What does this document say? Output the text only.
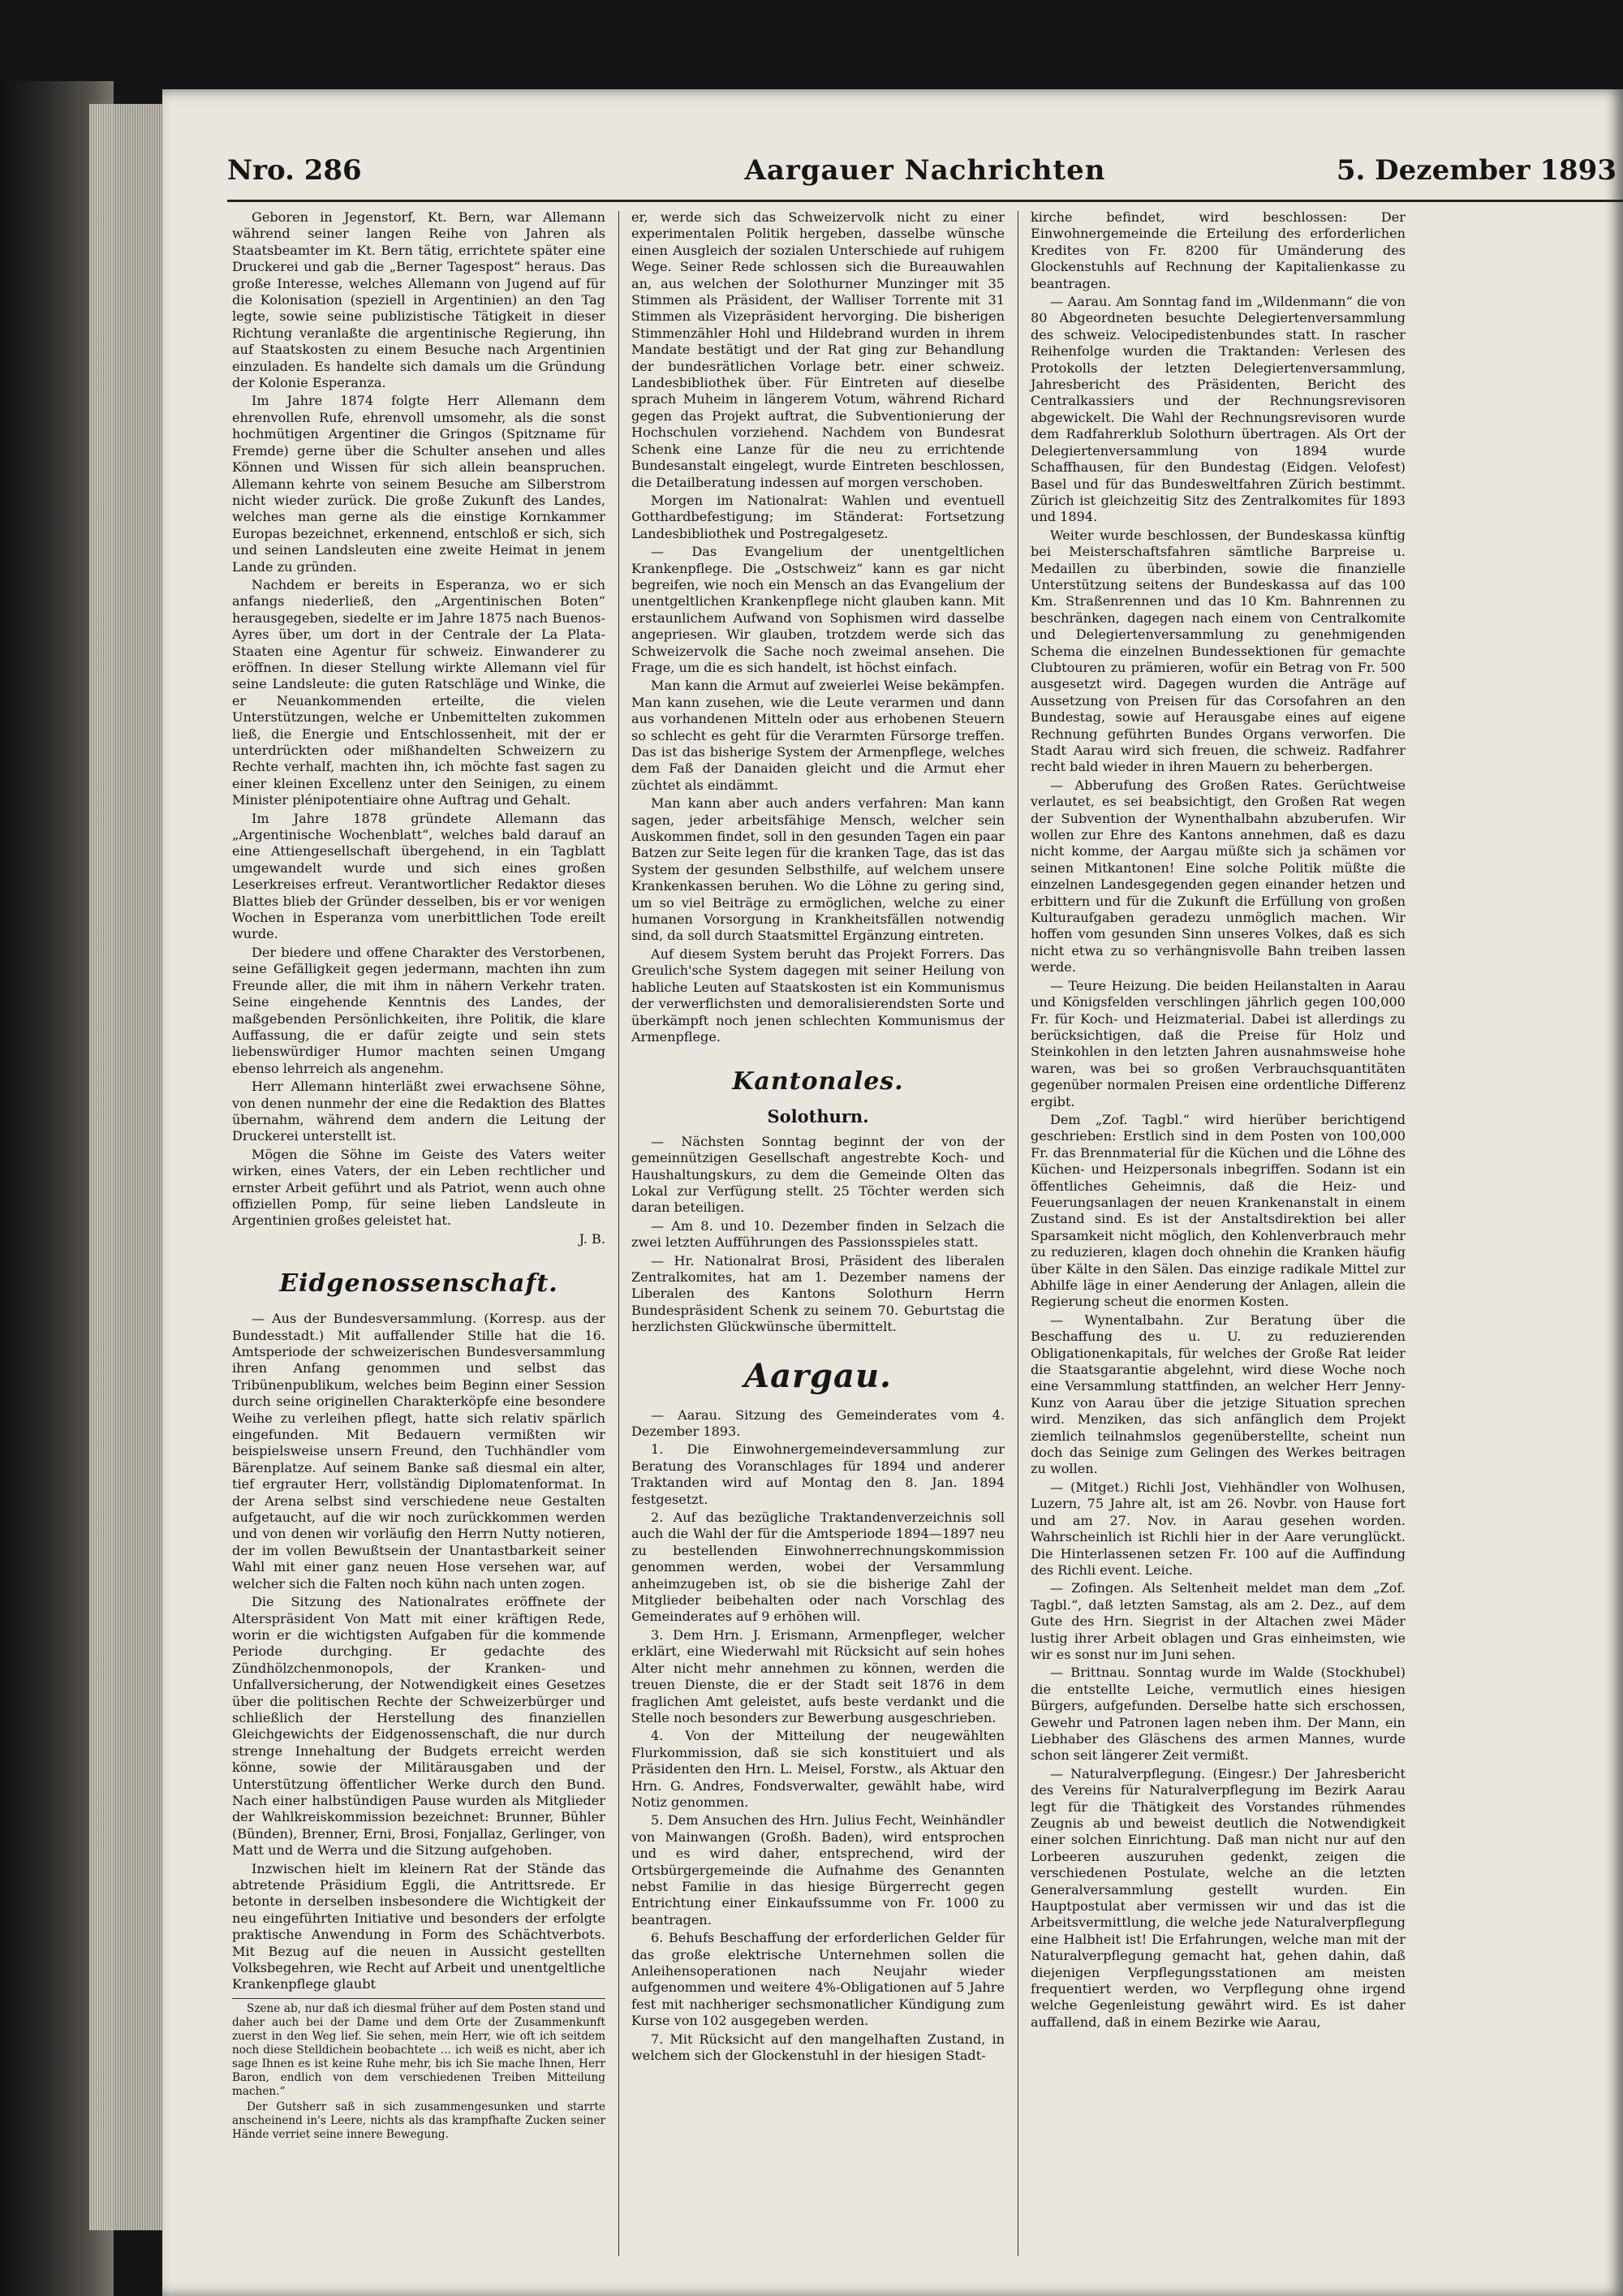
Nro. 286	Aargauer Nachrichten	5. Dezember 1893

Geboren in Jegenstorf, Kt. Bern, war Allemann während seiner langen Reihe von Jahren als Staatsbeamter im Kt. Bern tätig, errichtete später eine Druckerei und gab die „Berner Tagespost“ heraus. Das große Interesse, welches Allemann von Jugend auf für die Kolonisation (speziell in Argentinien) an den Tag legte, sowie seine publizistische Tätigkeit in dieser Richtung veranlaßte die argentinische Regierung, ihn auf Staatskosten zu einem Besuche nach Argentinien einzuladen. Es handelte sich damals um die Gründung der Kolonie Esperanza.

Im Jahre 1874 folgte Herr Allemann dem ehrenvollen Rufe, ehrenvoll umsomehr, als die sonst hochmütigen Argentiner die Gringos (Spitzname für Fremde) gerne über die Schulter ansehen und alles Können und Wissen für sich allein beanspruchen. Allemann kehrte von seinem Besuche am Silberstrom nicht wieder zurück. Die große Zukunft des Landes, welches man gerne als die einstige Kornkammer Europas bezeichnet, erkennend, entschloß er sich, sich und seinen Landsleuten eine zweite Heimat in jenem Lande zu gründen.

Nachdem er bereits in Esperanza, wo er sich anfangs niederließ, den „Argentinischen Boten“ herausgegeben, siedelte er im Jahre 1875 nach Buenos-Ayres über, um dort in der Centrale der La Plata-Staaten eine Agentur für schweiz. Einwanderer zu eröffnen. In dieser Stellung wirkte Allemann viel für seine Landsleute: die guten Ratschläge und Winke, die er Neuankommenden erteilte, die vielen Unterstützungen, welche er Unbemittelten zukommen ließ, die Energie und Entschlossenheit, mit der er unterdrückten oder mißhandelten Schweizern zu Rechte verhalf, machten ihn, ich möchte fast sagen zu einer kleinen Excellenz unter den Seinigen, zu einem Minister plénipotentiaire ohne Auftrag und Gehalt.

Im Jahre 1878 gründete Allemann das „Argentinische Wochenblatt“, welches bald darauf an eine Attiengesellschaft übergehend, in ein Tagblatt umgewandelt wurde und sich eines großen Leserkreises erfreut. Verantwortlicher Redaktor dieses Blattes blieb der Gründer desselben, bis er vor wenigen Wochen in Esperanza vom unerbittlichen Tode ereilt wurde.

Der biedere und offene Charakter des Verstorbenen, seine Gefälligkeit gegen jedermann, machten ihn zum Freunde aller, die mit ihm in nähern Verkehr traten. Seine eingehende Kenntnis des Landes, der maßgebenden Persönlichkeiten, ihre Politik, die klare Auffassung, die er dafür zeigte und sein stets liebenswürdiger Humor machten seinen Umgang ebenso lehrreich als angenehm.

Herr Allemann hinterläßt zwei erwachsene Söhne, von denen nunmehr der eine die Redaktion des Blattes übernahm, während dem andern die Leitung der Druckerei unterstellt ist.

Mögen die Söhne im Geiste des Vaters weiter wirken, eines Vaters, der ein Leben rechtlicher und ernster Arbeit geführt und als Patriot, wenn auch ohne offiziellen Pomp, für seine lieben Landsleute in Argentinien großes geleistet hat.

J. B.

Eidgenossenschaft.

— Aus der Bundesversammlung. (Korresp. aus der Bundesstadt.) Mit auffallender Stille hat die 16. Amtsperiode der schweizerischen Bundesversammlung ihren Anfang genommen und selbst das Tribünenpublikum, welches beim Beginn einer Session durch seine originellen Charakterköpfe eine besondere Weihe zu verleihen pflegt, hatte sich relativ spärlich eingefunden. Mit Bedauern vermißten wir beispielsweise unsern Freund, den Tuchhändler vom Bärenplatze. Auf seinem Banke saß diesmal ein alter, tief ergrauter Herr, vollständig Diplomatenformat. In der Arena selbst sind verschiedene neue Gestalten aufgetaucht, auf die wir noch zurückkommen werden und von denen wir vorläufig den Herrn Nutty notieren, der im vollen Bewußtsein der Unantastbarkeit seiner Wahl mit einer ganz neuen Hose versehen war, auf welcher sich die Falten noch kühn nach unten zogen.

Die Sitzung des Nationalrates eröffnete der Alterspräsident Von Matt mit einer kräftigen Rede, worin er die wichtigsten Aufgaben für die kommende Periode durchging. Er gedachte des Zündhölzchenmonopols, der Kranken- und Unfallversicherung, der Notwendigkeit eines Gesetzes über die politischen Rechte der Schweizerbürger und schließlich der Herstellung des finanziellen Gleichgewichts der Eidgenossenschaft, die nur durch strenge Innehaltung der Budgets erreicht werden könne, sowie der Militärausgaben und der Unterstützung öffentlicher Werke durch den Bund. Nach einer halbstündigen Pause wurden als Mitglieder der Wahlkreiskommission bezeichnet: Brunner, Bühler (Bünden), Brenner, Erni, Brosi, Fonjallaz, Gerlinger, von Matt und de Werra und die Sitzung aufgehoben.

Inzwischen hielt im kleinern Rat der Stände das abtretende Präsidium Eggli, die Antrittsrede. Er betonte in derselben insbesondere die Wichtigkeit der neu eingeführten Initiative und besonders der erfolgte praktische Anwendung in Form des Schächtverbots. Mit Bezug auf die neuen in Aussicht gestellten Volksbegehren, wie Recht auf Arbeit und unentgeltliche Krankenpflege glaubt

Szene ab, nur daß ich diesmal früher auf dem Posten stand und daher auch bei der Dame und dem Orte der Zusammenkunft zuerst in den Weg lief. Sie sehen, mein Herr, wie oft ich seitdem noch diese Stelldichein beobachtete … ich weiß es nicht, aber ich sage Ihnen es ist keine Ruhe mehr, bis ich Sie mache Ihnen, Herr Baron, endlich von dem verschiedenen Treiben Mitteilung machen.“

Der Gutsherr saß in sich zusammengesunken und starrte anscheinend in's Leere, nichts als das krampfhafte Zucken seiner Hände verriet seine innere Bewegung.

er, werde sich das Schweizervolk nicht zu einer experimentalen Politik hergeben, dasselbe wünsche einen Ausgleich der sozialen Unterschiede auf ruhigem Wege. Seiner Rede schlossen sich die Bureauwahlen an, aus welchen der Solothurner Munzinger mit 35 Stimmen als Präsident, der Walliser Torrente mit 31 Stimmen als Vizepräsident hervorging. Die bisherigen Stimmenzähler Hohl und Hildebrand wurden in ihrem Mandate bestätigt und der Rat ging zur Behandlung der bundesrätlichen Vorlage betr. einer schweiz. Landesbibliothek über. Für Eintreten auf dieselbe sprach Muheim in längerem Votum, während Richard gegen das Projekt auftrat, die Subventionierung der Hochschulen vorziehend. Nachdem von Bundesrat Schenk eine Lanze für die neu zu errichtende Bundesanstalt eingelegt, wurde Eintreten beschlossen, die Detailberatung indessen auf morgen verschoben.

Morgen im Nationalrat: Wahlen und eventuell Gotthardbefestigung; im Ständerat: Fortsetzung Landesbibliothek und Postregalgesetz.

— Das Evangelium der unentgeltlichen Krankenpflege. Die „Ostschweiz“ kann es gar nicht begreifen, wie noch ein Mensch an das Evangelium der unentgeltlichen Krankenpflege nicht glauben kann. Mit erstaunlichem Aufwand von Sophismen wird dasselbe angepriesen. Wir glauben, trotzdem werde sich das Schweizervolk die Sache noch zweimal ansehen. Die Frage, um die es sich handelt, ist höchst einfach.

Man kann die Armut auf zweierlei Weise bekämpfen. Man kann zusehen, wie die Leute verarmen und dann aus vorhandenen Mitteln oder aus erhobenen Steuern so schlecht es geht für die Verarmten Fürsorge treffen. Das ist das bisherige System der Armenpflege, welches dem Faß der Danaiden gleicht und die Armut eher züchtet als eindämmt.

Man kann aber auch anders verfahren: Man kann sagen, jeder arbeitsfähige Mensch, welcher sein Auskommen findet, soll in den gesunden Tagen ein paar Batzen zur Seite legen für die kranken Tage, das ist das System der gesunden Selbsthilfe, auf welchem unsere Krankenkassen beruhen. Wo die Löhne zu gering sind, um so viel Beiträge zu ermöglichen, welche zu einer humanen Vorsorgung in Krankheitsfällen notwendig sind, da soll durch Staatsmittel Ergänzung eintreten.

Auf diesem System beruht das Projekt Forrers. Das Greulich'sche System dagegen mit seiner Heilung von habliche Leuten auf Staatskosten ist ein Kommunismus der verwerflichsten und demoralisierendsten Sorte und überkämpft noch jenen schlechten Kommunismus der Armenpflege.

Kantonales.
Solothurn.

— Nächsten Sonntag beginnt der von der gemeinnützigen Gesellschaft angestrebte Koch- und Haushaltungskurs, zu dem die Gemeinde Olten das Lokal zur Verfügung stellt. 25 Töchter werden sich daran beteiligen.

— Am 8. und 10. Dezember finden in Selzach die zwei letzten Aufführungen des Passionsspieles statt.

— Hr. Nationalrat Brosi, Präsident des liberalen Zentralkomites, hat am 1. Dezember namens der Liberalen des Kantons Solothurn Herrn Bundespräsident Schenk zu seinem 70. Geburtstag die herzlichsten Glückwünsche übermittelt.

Aargau.

— Aarau. Sitzung des Gemeinderates vom 4. Dezember 1893.

1. Die Einwohnergemeindeversammlung zur Beratung des Voranschlages für 1894 und anderer Traktanden wird auf Montag den 8. Jan. 1894 festgesetzt.

2. Auf das bezügliche Traktandenverzeichnis soll auch die Wahl der für die Amtsperiode 1894—1897 neu zu bestellenden Einwohnerrechnungskommission genommen werden, wobei der Versammlung anheimzugeben ist, ob sie die bisherige Zahl der Mitglieder beibehalten oder nach Vorschlag des Gemeinderates auf 9 erhöhen will.

3. Dem Hrn. J. Erismann, Armenpfleger, welcher erklärt, eine Wiederwahl mit Rücksicht auf sein hohes Alter nicht mehr annehmen zu können, werden die treuen Dienste, die er der Stadt seit 1876 in dem fraglichen Amt geleistet, aufs beste verdankt und die Stelle noch besonders zur Bewerbung ausgeschrieben.

4. Von der Mitteilung der neugewählten Flurkommission, daß sie sich konstituiert und als Präsidenten den Hrn. L. Meisel, Forstw., als Aktuar den Hrn. G. Andres, Fondsverwalter, gewählt habe, wird Notiz genommen.

5. Dem Ansuchen des Hrn. Julius Fecht, Weinhändler von Mainwangen (Großh. Baden), wird entsprochen und es wird daher, entsprechend, wird der Ortsbürgergemeinde die Aufnahme des Genannten nebst Familie in das hiesige Bürgerrecht gegen Entrichtung einer Einkaufssumme von Fr. 1000 zu beantragen.

6. Behufs Beschaffung der erforderlichen Gelder für das große elektrische Unternehmen sollen die Anleihensoperationen nach Neujahr wieder aufgenommen und weitere 4%-Obligationen auf 5 Jahre fest mit nachheriger sechsmonatlicher Kündigung zum Kurse von 102 ausgegeben werden.

7. Mit Rücksicht auf den mangelhaften Zustand, in welchem sich der Glockenstuhl in der hiesigen Stadt-

kirche befindet, wird beschlossen: Der Einwohnergemeinde die Erteilung des erforderlichen Kredites von Fr. 8200 für Umänderung des Glockenstuhls auf Rechnung der Kapitalienkasse zu beantragen.

— Aarau. Am Sonntag fand im „Wildenmann“ die von 80 Abgeordneten besuchte Delegiertenversammlung des schweiz. Velocipedistenbundes statt. In rascher Reihenfolge wurden die Traktanden: Verlesen des Protokolls der letzten Delegiertenversammlung, Jahresbericht des Präsidenten, Bericht des Centralkassiers und der Rechnungsrevisoren abgewickelt. Die Wahl der Rechnungsrevisoren wurde dem Radfahrerklub Solothurn übertragen. Als Ort der Delegiertenversammlung von 1894 wurde Schaffhausen, für den Bundestag (Eidgen. Velofest) Basel und für das Bundesweltfahren Zürich bestimmt. Zürich ist gleichzeitig Sitz des Zentralkomites für 1893 und 1894.

Weiter wurde beschlossen, der Bundeskassa künftig bei Meisterschaftsfahren sämtliche Barpreise u. Medaillen zu überbinden, sowie die finanzielle Unterstützung seitens der Bundeskassa auf das 100 Km. Straßenrennen und das 10 Km. Bahnrennen zu beschränken, dagegen nach einem von Centralkomite und Delegiertenversammlung zu genehmigenden Schema die einzelnen Bundessektionen für gemachte Clubtouren zu prämieren, wofür ein Betrag von Fr. 500 ausgesetzt wird. Dagegen wurden die Anträge auf Aussetzung von Preisen für das Corsofahren an den Bundestag, sowie auf Herausgabe eines auf eigene Rechnung geführten Bundes Organs verworfen. Die Stadt Aarau wird sich freuen, die schweiz. Radfahrer recht bald wieder in ihren Mauern zu beherbergen.

— Abberufung des Großen Rates. Gerüchtweise verlautet, es sei beabsichtigt, den Großen Rat wegen der Subvention der Wynenthalbahn abzuberufen. Wir wollen zur Ehre des Kantons annehmen, daß es dazu nicht komme, der Aargau müßte sich ja schämen vor seinen Mitkantonen! Eine solche Politik müßte die einzelnen Landesgegenden gegen einander hetzen und erbittern und für die Zukunft die Erfüllung von großen Kulturaufgaben geradezu unmöglich machen. Wir hoffen vom gesunden Sinn unseres Volkes, daß es sich nicht etwa zu so verhängnisvolle Bahn treiben lassen werde.

— Teure Heizung. Die beiden Heilanstalten in Aarau und Königsfelden verschlingen jährlich gegen 100,000 Fr. für Koch- und Heizmaterial. Dabei ist allerdings zu berücksichtigen, daß die Preise für Holz und Steinkohlen in den letzten Jahren ausnahmsweise hohe waren, was bei so großen Verbrauchsquantitäten gegenüber normalen Preisen eine ordentliche Differenz ergibt.

Dem „Zof. Tagbl.“ wird hierüber berichtigend geschrieben: Erstlich sind in dem Posten von 100,000 Fr. das Brennmaterial für die Küchen und die Löhne des Küchen- und Heizpersonals inbegriffen. Sodann ist ein öffentliches Geheimnis, daß die Heiz- und Feuerungsanlagen der neuen Krankenanstalt in einem Zustand sind. Es ist der Anstaltsdirektion bei aller Sparsamkeit nicht möglich, den Kohlenverbrauch mehr zu reduzieren, klagen doch ohnehin die Kranken häufig über Kälte in den Sälen. Das einzige radikale Mittel zur Abhilfe läge in einer Aenderung der Anlagen, allein die Regierung scheut die enormen Kosten.

— Wynentalbahn. Zur Beratung über die Beschaffung des u. U. zu reduzierenden Obligationenkapitals, für welches der Große Rat leider die Staatsgarantie abgelehnt, wird diese Woche noch eine Versammlung stattfinden, an welcher Herr Jenny-Kunz von Aarau über die jetzige Situation sprechen wird. Menziken, das sich anfänglich dem Projekt ziemlich teilnahmslos gegenüberstellte, scheint nun doch das Seinige zum Gelingen des Werkes beitragen zu wollen.

— (Mitget.) Richli Jost, Viehhändler von Wolhusen, Luzern, 75 Jahre alt, ist am 26. Novbr. von Hause fort und am 27. Nov. in Aarau gesehen worden. Wahrscheinlich ist Richli hier in der Aare verunglückt. Die Hinterlassenen setzen Fr. 100 auf die Auffindung des Richli event. Leiche.

— Zofingen. Als Seltenheit meldet man dem „Zof. Tagbl.“, daß letzten Samstag, als am 2. Dez., auf dem Gute des Hrn. Siegrist in der Altachen zwei Mäder lustig ihrer Arbeit oblagen und Gras einheimsten, wie wir es sonst nur im Juni sehen.

— Brittnau. Sonntag wurde im Walde (Stockhubel) die entstellte Leiche, vermutlich eines hiesigen Bürgers, aufgefunden. Derselbe hatte sich erschossen, Gewehr und Patronen lagen neben ihm. Der Mann, ein Liebhaber des Gläschens des armen Mannes, wurde schon seit längerer Zeit vermißt.

— Naturalverpflegung. (Eingesr.) Der Jahresbericht des Vereins für Naturalverpflegung im Bezirk Aarau legt für die Thätigkeit des Vorstandes rühmendes Zeugnis ab und beweist deutlich die Notwendigkeit einer solchen Einrichtung. Daß man nicht nur auf den Lorbeeren auszuruhen gedenkt, zeigen die verschiedenen Postulate, welche an die letzten Generalversammlung gestellt wurden. Ein Hauptpostulat aber vermissen wir und das ist die Arbeitsvermittlung, die welche jede Naturalverpflegung eine Halbheit ist! Die Erfahrungen, welche man mit der Naturalverpflegung gemacht hat, gehen dahin, daß diejenigen Verpflegungsstationen am meisten frequentiert werden, wo Verpflegung ohne irgend welche Gegenleistung gewährt wird. Es ist daher auffallend, daß in einem Bezirke wie Aarau,
